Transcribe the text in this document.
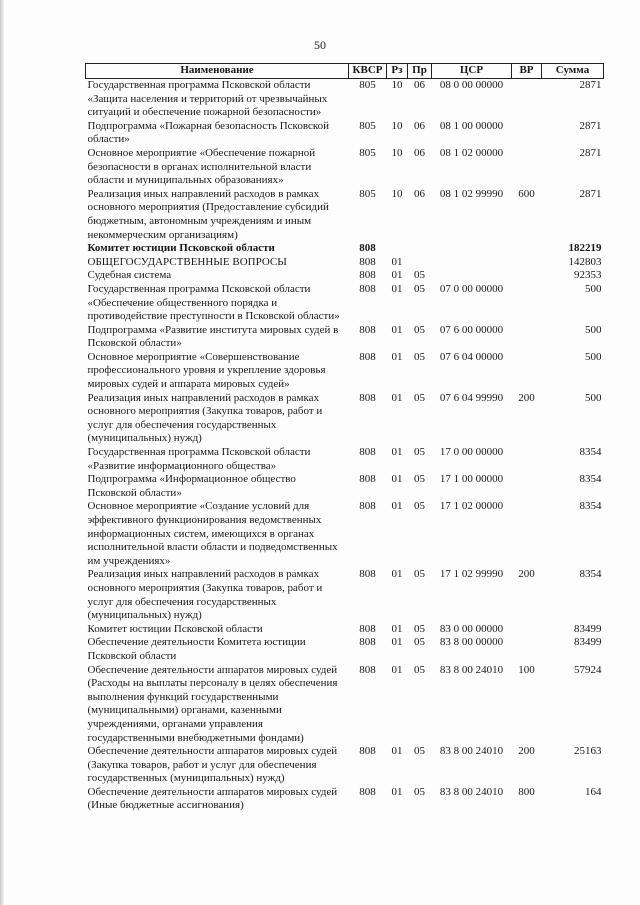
50
Наименование	КВСР	Рз	Пр	ЦСР	ВР	Сумма
Государственная программа Псковской области «Защита населения и территорий от чрезвычайных ситуаций и обеспечение пожарной безопасности»	805	10	06	08 0 00 00000		2871
Подпрограмма «Пожарная безопасность Псковской области»	805	10	06	08 1 00 00000		2871
Основное мероприятие «Обеспечение пожарной безопасности в органах исполнительной власти области и муниципальных образованиях»	805	10	06	08 1 02 00000		2871
Реализация иных направлений расходов в рамках основного мероприятия (Предоставление субсидий бюджетным, автономным учреждениям и иным некоммерческим организациям)	805	10	06	08 1 02 99990	600	2871
Комитет юстиции Псковской области	808					182219
ОБЩЕГОСУДАРСТВЕННЫЕ ВОПРОСЫ	808	01				142803
Судебная система	808	01	05			92353
Государственная программа Псковской области «Обеспечение общественного порядка и противодействие преступности в Псковской области»	808	01	05	07 0 00 00000		500
Подпрограмма «Развитие института мировых судей в Псковской области»	808	01	05	07 6 00 00000		500
Основное мероприятие «Совершенствование профессионального уровня и укрепление здоровья мировых судей и аппарата мировых судей»	808	01	05	07 6 04 00000		500
Реализация иных направлений расходов в рамках основного мероприятия (Закупка товаров, работ и услуг для обеспечения государственных (муниципальных) нужд)	808	01	05	07 6 04 99990	200	500
Государственная программа Псковской области «Развитие информационного общества»	808	01	05	17 0 00 00000		8354
Подпрограмма «Информационное общество Псковской области»	808	01	05	17 1 00 00000		8354
Основное мероприятие «Создание условий для эффективного функционирования ведомственных информационных систем, имеющихся в органах исполнительной власти области и подведомственных им учреждениях»	808	01	05	17 1 02 00000		8354
Реализация иных направлений расходов в рамках основного мероприятия (Закупка товаров, работ и услуг для обеспечения государственных (муниципальных) нужд)	808	01	05	17 1 02 99990	200	8354
Комитет юстиции Псковской области	808	01	05	83 0 00 00000		83499
Обеспечение деятельности Комитета юстиции Псковской области	808	01	05	83 8 00 00000		83499
Обеспечение деятельности аппаратов мировых судей (Расходы на выплаты персоналу в целях обеспечения выполнения функций государственными (муниципальными) органами, казенными учреждениями, органами управления государственными внебюджетными фондами)	808	01	05	83 8 00 24010	100	57924
Обеспечение деятельности аппаратов мировых судей (Закупка товаров, работ и услуг для обеспечения государственных (муниципальных) нужд)	808	01	05	83 8 00 24010	200	25163
Обеспечение деятельности аппаратов мировых судей (Иные бюджетные ассигнования)	808	01	05	83 8 00 24010	800	164
